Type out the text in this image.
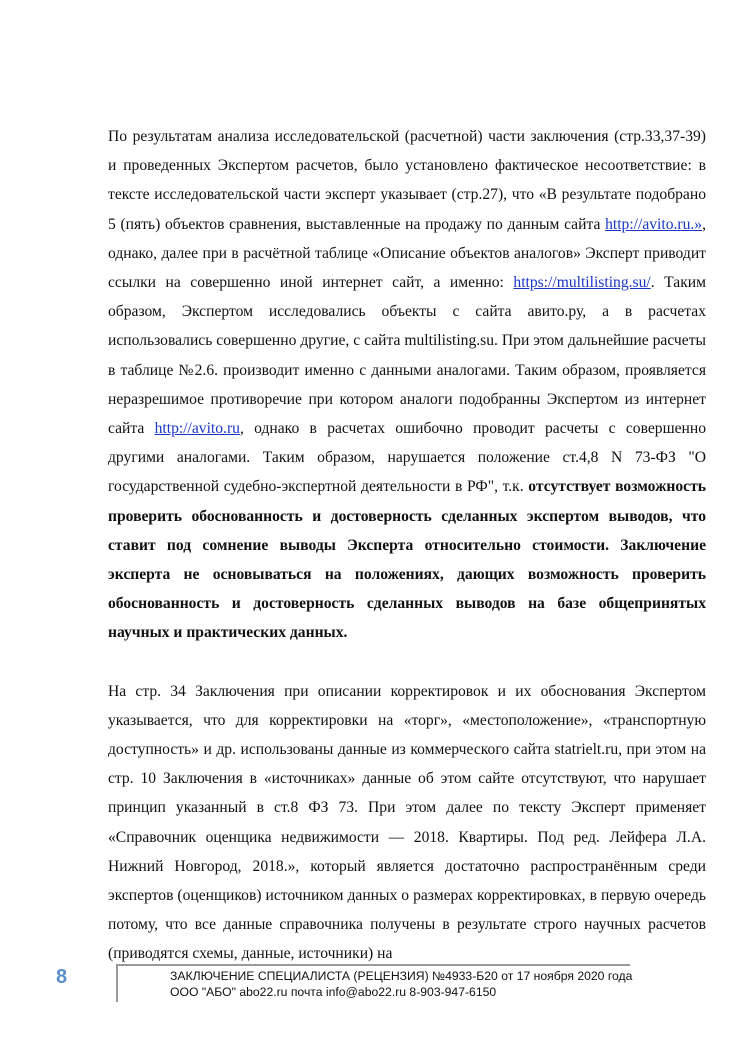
По результатам анализа исследовательской (расчетной) части заключения (стр.33,37-39) и проведенных Экспертом расчетов, было установлено фактическое несоответствие: в тексте исследовательской части эксперт указывает (стр.27), что «В результате подобрано 5 (пять) объектов сравнения, выставленные на продажу по данным сайта http://avito.ru.», однако, далее при в расчётной таблице «Описание объектов аналогов» Эксперт приводит ссылки на совершенно иной интернет сайт, а именно: https://multilisting.su/. Таким образом, Экспертом исследовались объекты с сайта авито.ру, а в расчетах использовались совершенно другие, с сайта multilisting.su. При этом дальнейшие расчеты в таблице №2.6. производит именно с данными аналогами. Таким образом, проявляется неразрешимое противоречие при котором аналоги подобранны Экспертом из интернет сайта http://avito.ru, однако в расчетах ошибочно проводит расчеты с совершенно другими аналогами. Таким образом, нарушается положение ст.4,8 N 73-ФЗ "О государственной судебно-экспертной деятельности в РФ", т.к. отсутствует возможность проверить обоснованность и достоверность сделанных экспертом выводов, что ставит под сомнение выводы Эксперта относительно стоимости. Заключение эксперта не основываться на положениях, дающих возможность проверить обоснованность и достоверность сделанных выводов на базе общепринятых научных и практических данных.

На стр. 34 Заключения при описании корректировок и их обоснования Экспертом указывается, что для корректировки на «торг», «местоположение», «транспортную доступность» и др. использованы данные из коммерческого сайта statrielt.ru, при этом на стр. 10 Заключения в «источниках» данные об этом сайте отсутствуют, что нарушает принцип указанный в ст.8 ФЗ 73. При этом далее по тексту Эксперт применяет «Справочник оценщика недвижимости — 2018. Квартиры. Под ред. Лейфера Л.А. Нижний Новгород, 2018.», который является достаточно распространённым среди экспертов (оценщиков) источником данных о размерах корректировках, в первую очередь потому, что все данные справочника получены в результате строго научных расчетов (приводятся схемы, данные, источники) на

8	ЗАКЛЮЧЕНИЕ СПЕЦИАЛИСТА (РЕЦЕНЗИЯ) №4933-Б20 от 17 ноября 2020 года
ООО "АБО" abo22.ru почта info@abo22.ru 8-903-947-6150
